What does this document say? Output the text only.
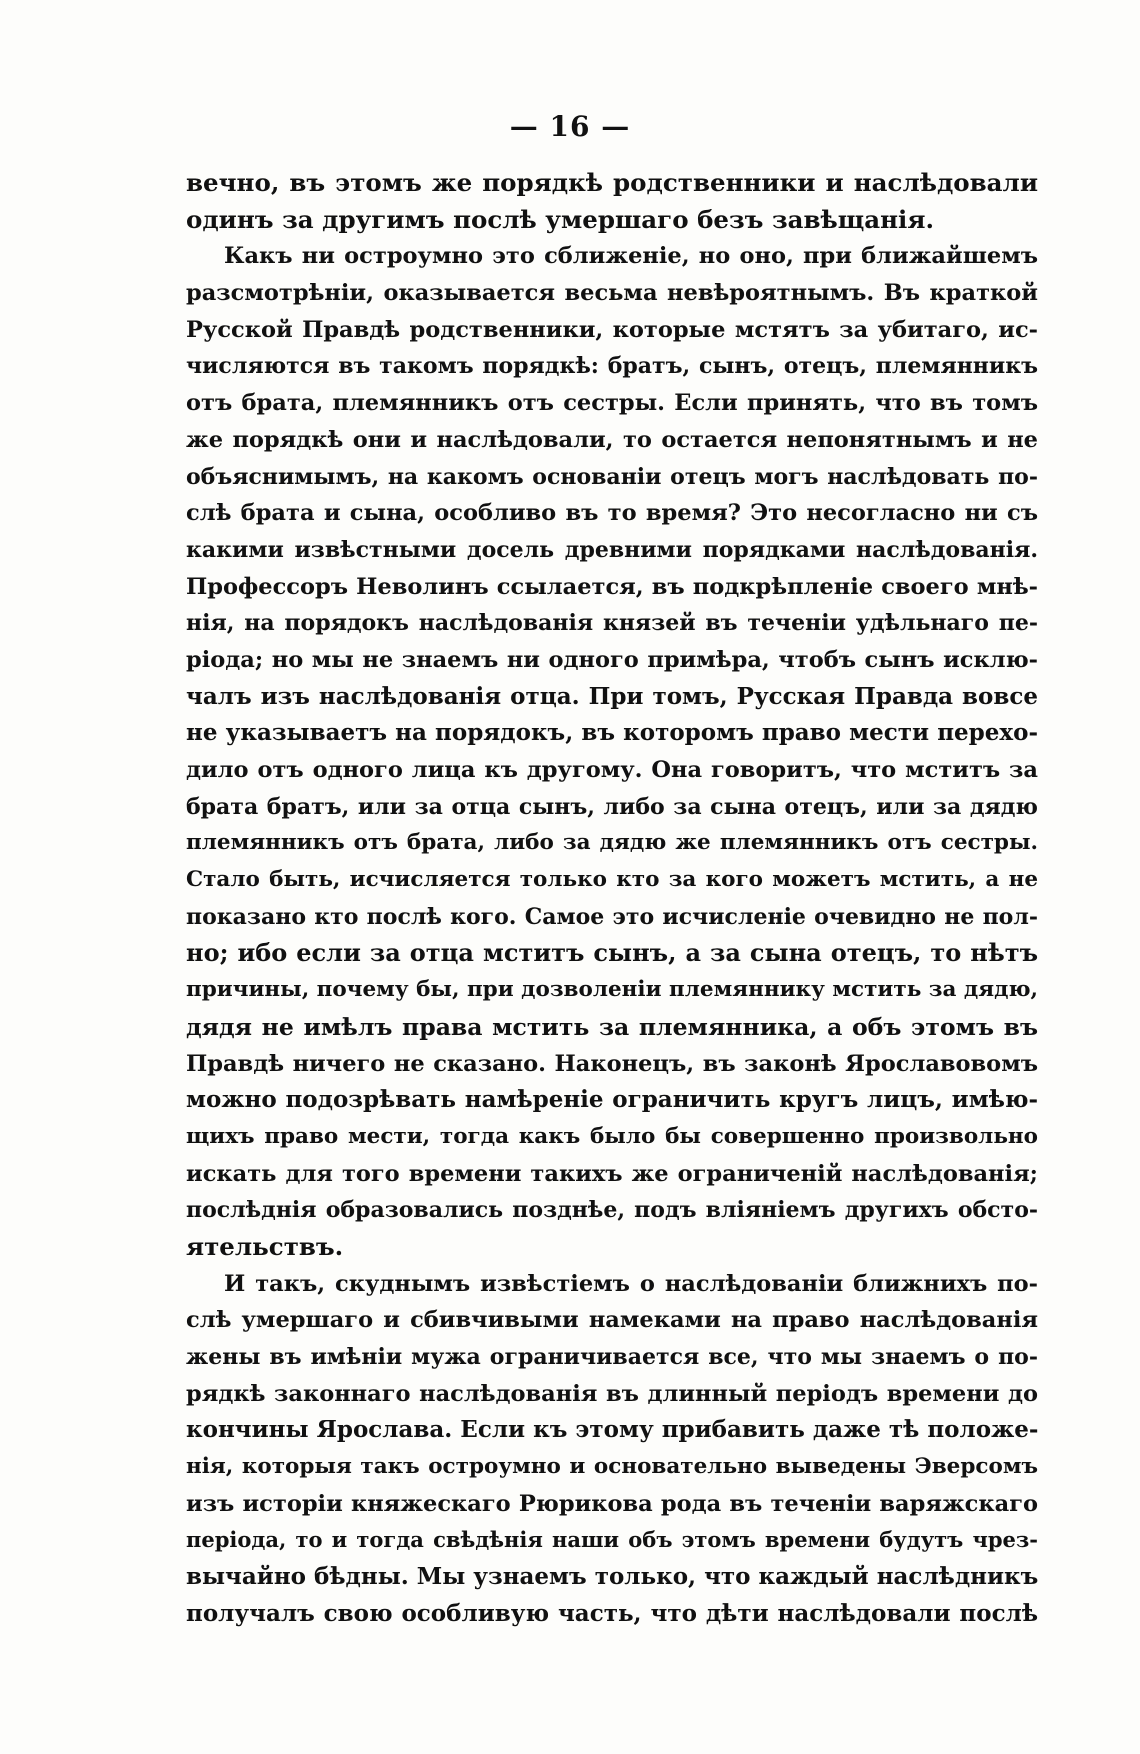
— 16 —
вечно, въ этомъ же порядкѣ родственники и наслѣдовали
одинъ за другимъ послѣ умершаго безъ завѣщанія.
Какъ ни остроумно это сближеніе, но оно, при ближайшемъ
разсмотрѣніи, оказывается весьма невѣроятнымъ. Въ краткой
Русской Правдѣ родственники, которые мстятъ за убитаго, ис-
числяются въ такомъ порядкѣ: братъ, сынъ, отецъ, племянникъ
отъ брата, племянникъ отъ сестры. Если принять, что въ томъ
же порядкѣ они и наслѣдовали, то остается непонятнымъ и не
объяснимымъ, на какомъ основаніи отецъ могъ наслѣдовать по-
слѣ брата и сына, особливо въ то время? Это несогласно ни съ
какими извѣстными досель древними порядками наслѣдованія.
Профессоръ Неволинъ ссылается, въ подкрѣпленіе своего мнѣ-
нія, на порядокъ наслѣдованія князей въ теченіи удѣльнаго пе-
ріода; но мы не знаемъ ни одного примѣра, чтобъ сынъ исклю-
чалъ изъ наслѣдованія отца. При томъ, Русская Правда вовсе
не указываетъ на порядокъ, въ которомъ право мести перехо-
дило отъ одного лица къ другому. Она говоритъ, что мститъ за
брата братъ, или за отца сынъ, либо за сына отецъ, или за дядю
племянникъ отъ брата, либо за дядю же племянникъ отъ сестры.
Стало быть, исчисляется только кто за кого можетъ мстить, а не
показано кто послѣ кого. Самое это исчисленіе очевидно не пол-
но; ибо если за отца мститъ сынъ, а за сына отецъ, то нѣтъ
причины, почему бы, при дозволеніи племяннику мстить за дядю,
дядя не имѣлъ права мстить за племянника, а объ этомъ въ
Правдѣ ничего не сказано. Наконецъ, въ законѣ Ярославовомъ
можно подозрѣвать намѣреніе ограничить кругъ лицъ, имѣю-
щихъ право мести, тогда какъ было бы совершенно произвольно
искать для того времени такихъ же ограниченій наслѣдованія;
послѣднія образовались позднѣе, подъ вліяніемъ другихъ обсто-
ятельствъ.
И такъ, скуднымъ извѣстіемъ о наслѣдованіи ближнихъ по-
слѣ умершаго и сбивчивыми намеками на право наслѣдованія
жены въ имѣніи мужа ограничивается все, что мы знаемъ о по-
рядкѣ законнаго наслѣдованія въ длинный періодъ времени до
кончины Ярослава. Если къ этому прибавить даже тѣ положе-
нія, которыя такъ остроумно и основательно выведены Эверсомъ
изъ исторіи княжескаго Рюрикова рода въ теченіи варяжскаго
періода, то и тогда свѣдѣнія наши объ этомъ времени будутъ чрез-
вычайно бѣдны. Мы узнаемъ только, что каждый наслѣдникъ
получалъ свою особливую часть, что дѣти наслѣдовали послѣ
